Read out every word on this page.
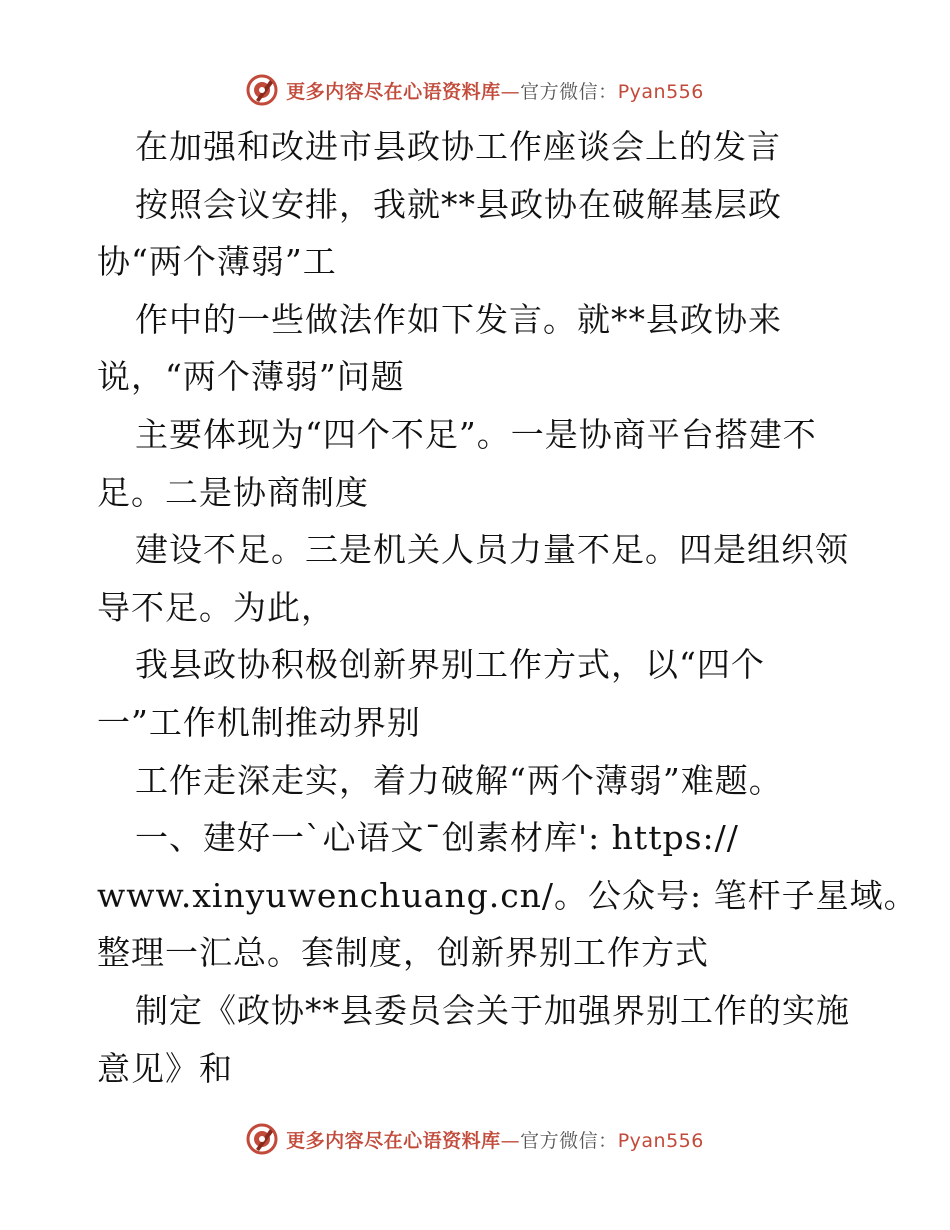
更多内容尽在心语资料库—官方微信：Pyan556
在加强和改进市县政协工作座谈会上的发言
按照会议安排，我就**县政协在破解基层政
协“两个薄弱”工
作中的一些做法作如下发言。就**县政协来
说，“两个薄弱”问题
主要体现为“四个不足”。一是协商平台搭建不
足。二是协商制度
建设不足。三是机关人员力量不足。四是组织领
导不足。为此，
我县政协积极创新界别工作方式，以“四个
一”工作机制推动界别
工作走深走实，着力破解“两个薄弱”难题。
一、建好一`心语文¯创素材库': https://
www.xinyuwenchuang.cn/。公众号: 笔杆子星域。
整理一汇总。套制度，创新界别工作方式
制定《政协**县委员会关于加强界别工作的实施
意见》和
更多内容尽在心语资料库—官方微信：Pyan556
